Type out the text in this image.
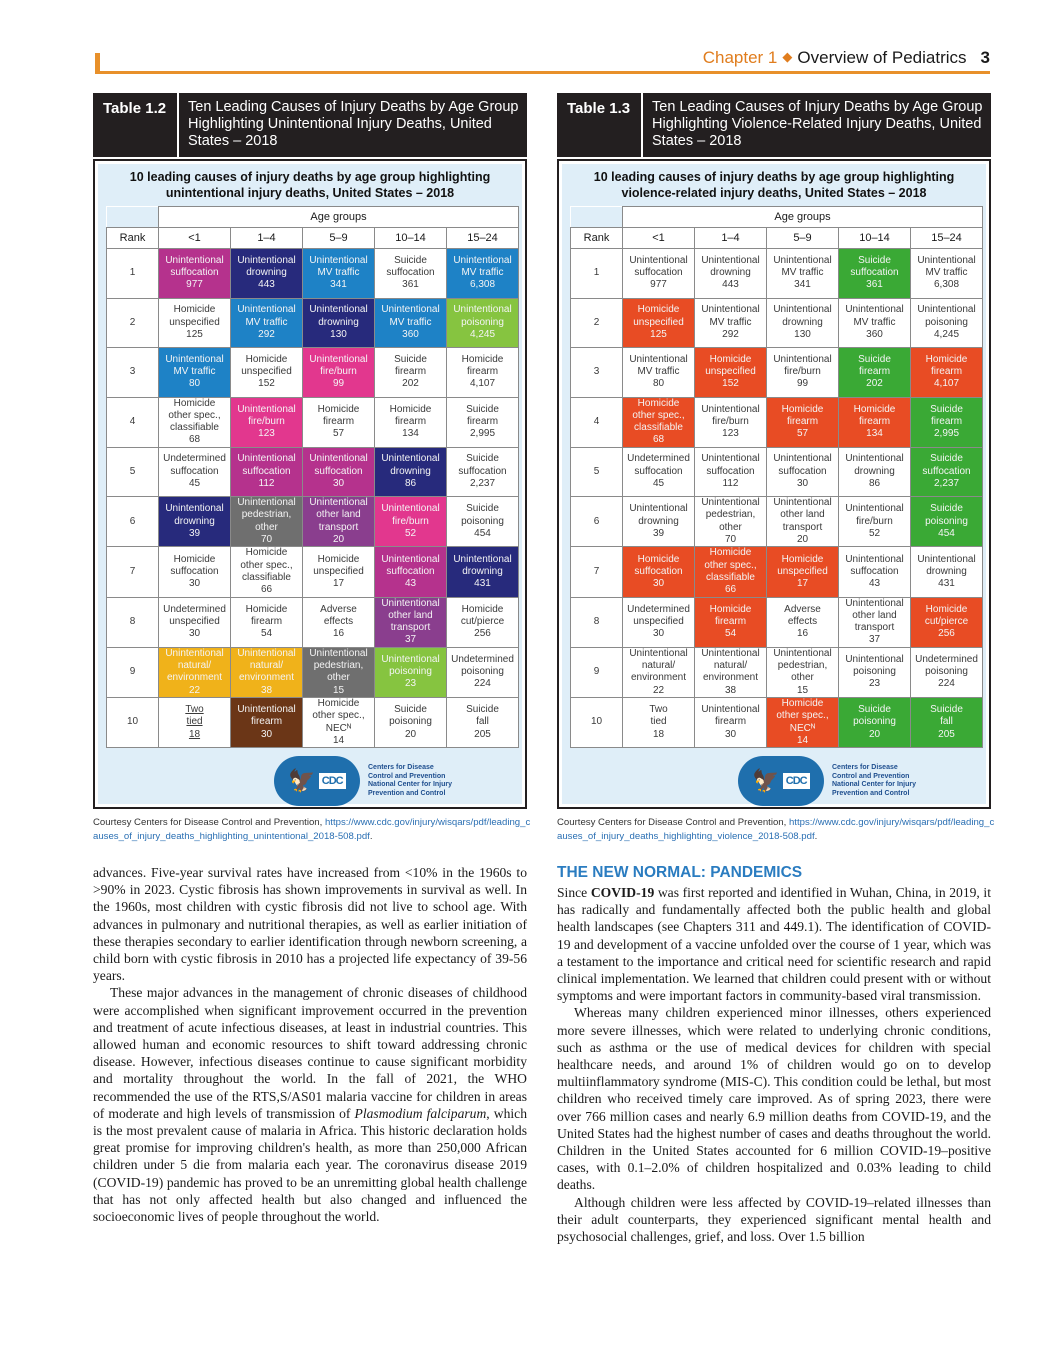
Chapter 1 ◆ Overview of Pediatrics 3
Table 1.2	Ten Leading Causes of Injury Deaths by Age Group Highlighting Unintentional Injury Deaths, United States – 2018
10 leading causes of injury deaths by age group highlighting unintentional injury deaths, United States – 2018
	Age groups				
Rank	<1	1–4	5–9	10–14	15–24
1	Unintentional
suffocation
977	Unintentional
drowning
443	Unintentional
MV traffic
341	Suicide
suffocation
361	Unintentional
MV traffic
6,308
2	Homicide
unspecified
125	Unintentional
MV traffic
292	Unintentional
drowning
130	Unintentional
MV traffic
360	Unintentional
poisoning
4,245
3	Unintentional
MV traffic
80	Homicide
unspecified
152	Unintentional
fire/burn
99	Suicide
firearm
202	Homicide
firearm
4,107
4	Homicide
other spec.,
classifiable
68	Unintentional
fire/burn
123	Homicide
firearm
57	Homicide
firearm
134	Suicide
firearm
2,995
5	Undetermined
suffocation
45	Unintentional
suffocation
112	Unintentional
suffocation
30	Unintentional
drowning
86	Suicide
suffocation
2,237
6	Unintentional
drowning
39	Unintentional
pedestrian,
other
70	Unintentional
other land
transport
20	Unintentional
fire/burn
52	Suicide
poisoning
454
7	Homicide
suffocation
30	Homicide
other spec.,
classifiable
66	Homicide
unspecified
17	Unintentional
suffocation
43	Unintentional
drowning
431
8	Undetermined
unspecified
30	Homicide
firearm
54	Adverse
effects
16	Unintentional
other land
transport
37	Homicide
cut/pierce
256
9	Unintentional
natural/
environment
22	Unintentional
natural/
environment
38	Unintentional
pedestrian,
other
15	Unintentional
poisoning
23	Undetermined
poisoning
224
10	Two
tied
18	Unintentional
firearm
30	Homicide
other spec.,
NECᴺ
14	Suicide
poisoning
20	Suicide
fall
205
🦅 CDC
Centers for Disease
Control and Prevention
National Center for Injury
Prevention and Control
Table 1.3	Ten Leading Causes of Injury Deaths by Age Group Highlighting Violence-Related Injury Deaths, United States – 2018
10 leading causes of injury deaths by age group highlighting violence-related injury deaths, United States – 2018
	Age groups				
Rank	<1	1–4	5–9	10–14	15–24
1	Unintentional
suffocation
977	Unintentional
drowning
443	Unintentional
MV traffic
341	Suicide
suffocation
361	Unintentional
MV traffic
6,308
2	Homicide
unspecified
125	Unintentional
MV traffic
292	Unintentional
drowning
130	Unintentional
MV traffic
360	Unintentional
poisoning
4,245
3	Unintentional
MV traffic
80	Homicide
unspecified
152	Unintentional
fire/burn
99	Suicide
firearm
202	Homicide
firearm
4,107
4	Homicide
other spec.,
classifiable
68	Unintentional
fire/burn
123	Homicide
firearm
57	Homicide
firearm
134	Suicide
firearm
2,995
5	Undetermined
suffocation
45	Unintentional
suffocation
112	Unintentional
suffocation
30	Unintentional
drowning
86	Suicide
suffocation
2,237
6	Unintentional
drowning
39	Unintentional
pedestrian,
other
70	Unintentional
other land
transport
20	Unintentional
fire/burn
52	Suicide
poisoning
454
7	Homicide
suffocation
30	Homicide
other spec.,
classifiable
66	Homicide
unspecified
17	Unintentional
suffocation
43	Unintentional
drowning
431
8	Undetermined
unspecified
30	Homicide
firearm
54	Adverse
effects
16	Unintentional
other land
transport
37	Homicide
cut/pierce
256
9	Unintentional
natural/
environment
22	Unintentional
natural/
environment
38	Unintentional
pedestrian,
other
15	Unintentional
poisoning
23	Undetermined
poisoning
224
10	Two
tied
18	Unintentional
firearm
30	Homicide
other spec.,
NECᴺ
14	Suicide
poisoning
20	Suicide
fall
205
🦅 CDC
Centers for Disease
Control and Prevention
National Center for Injury
Prevention and Control
Courtesy Centers for Disease Control and Prevention, https://www.cdc.gov/injury/wisqars/pdf/leading_causes_of_injury_deaths_highlighting_unintentional_2018-508.pdf.
Courtesy Centers for Disease Control and Prevention, https://www.cdc.gov/injury/wisqars/pdf/leading_causes_of_injury_deaths_highlighting_violence_2018-508.pdf.

advances. Five-year survival rates have increased from <10% in the 1960s to >90% in 2023. Cystic fibrosis has shown improvements in survival as well. In the 1960s, most children with cystic fibrosis did not live to school age. With advances in pulmonary and nutritional therapies, as well as earlier initiation of these therapies secondary to earlier identification through newborn screening, a child born with cystic fibrosis in 2010 has a projected life expectancy of 39-56 years.

These major advances in the management of chronic diseases of childhood were accomplished when significant improvement occurred in the prevention and treatment of acute infectious diseases, at least in industrial countries. This allowed human and economic resources to shift toward addressing chronic disease. However, infectious diseases continue to cause significant morbidity and mortality throughout the world. In the fall of 2021, the WHO recommended the use of the RTS,S/AS01 malaria vaccine for children in areas of moderate and high levels of transmission of Plasmodium falciparum, which is the most prevalent cause of malaria in Africa. This historic declaration holds great promise for improving children's health, as more than 250,000 African children under 5 die from malaria each year. The coronavirus disease 2019 (COVID-19) pandemic has proved to be an unremitting global health challenge that has not only affected health but also changed and influenced the socioeconomic lives of people throughout the world.

THE NEW NORMAL: PANDEMICS

Since COVID-19 was first reported and identified in Wuhan, China, in 2019, it has radically and fundamentally affected both the public health and global health landscapes (see Chapters 311 and 449.1). The identification of COVID-19 and development of a vaccine unfolded over the course of 1 year, which was a testament to the importance and critical need for scientific research and rapid clinical implementation. We learned that children could present with or without symptoms and were important factors in community-based viral transmission.

Whereas many children experienced minor illnesses, others experienced more severe illnesses, which were related to underlying chronic conditions, such as asthma or the use of medical devices for children with special healthcare needs, and around 1% of children would go on to develop multiinflammatory syndrome (MIS-C). This condition could be lethal, but most children who received timely care improved. As of spring 2023, there were over 766 million cases and nearly 6.9 million deaths from COVID-19, and the United States had the highest number of cases and deaths throughout the world. Children in the United States accounted for 6 million COVID-19–positive cases, with 0.1–2.0% of children hospitalized and 0.03% leading to child deaths.

Although children were less affected by COVID-19–related illnesses than their adult counterparts, they experienced significant mental health and psychosocial challenges, grief, and loss. Over 1.5 billion
